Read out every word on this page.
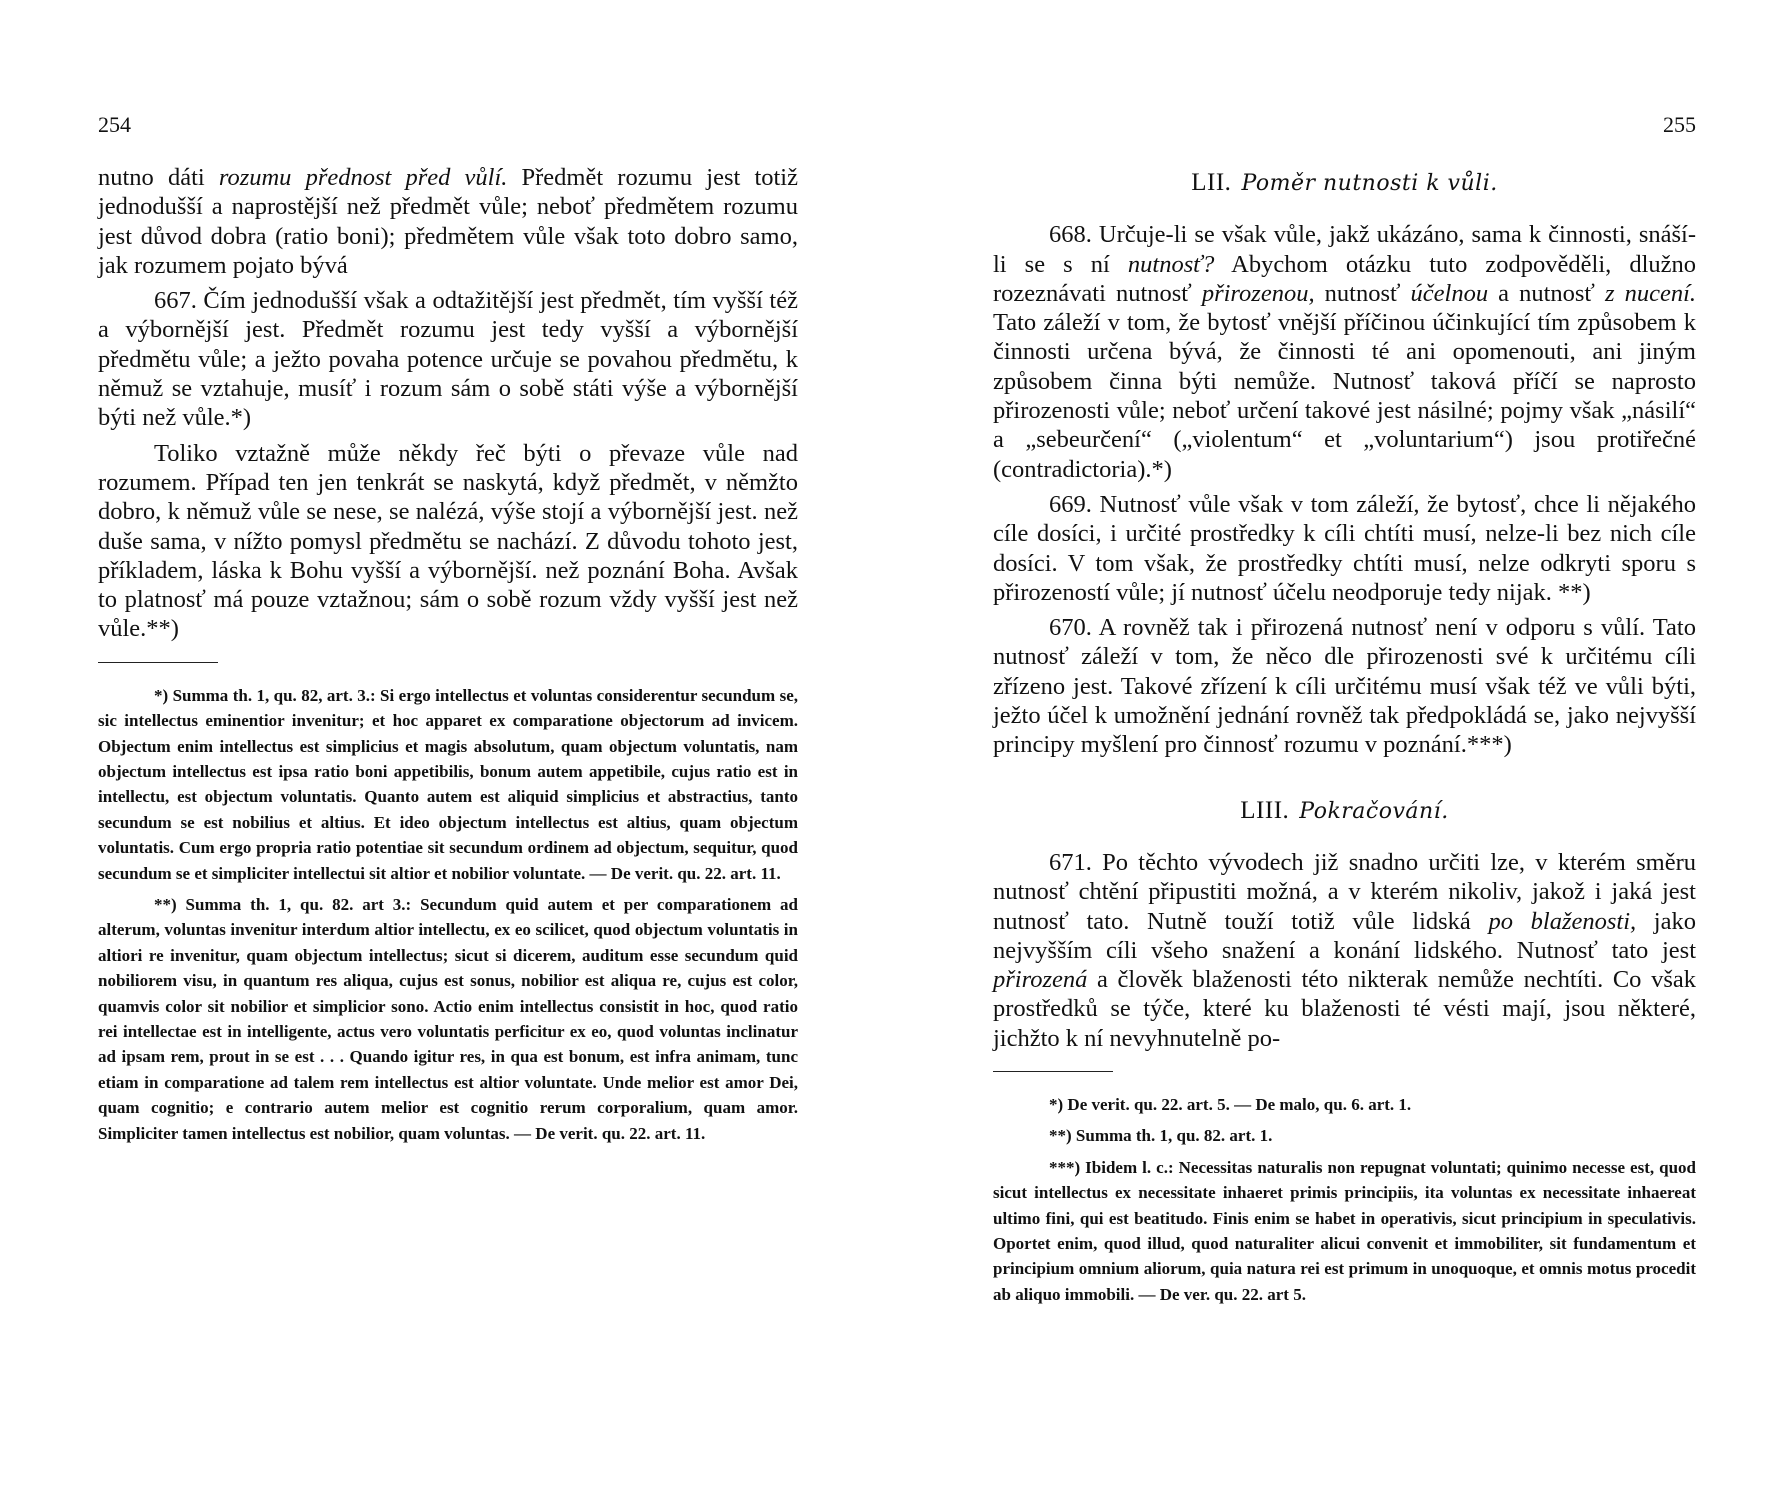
254

nutno dáti rozumu přednost před vůlí. Předmět rozumu jest totiž jednodušší a naprostější než předmět vůle; neboť předmětem rozumu jest důvod dobra (ratio boni); předmětem vůle však toto dobro samo, jak rozumem pojato bývá

667. Čím jednodušší však a odtažitější jest předmět, tím vyšší též a výbornější jest. Předmět rozumu jest tedy vyšší a výbornější předmětu vůle; a ježto povaha potence určuje se povahou předmětu, k němuž se vztahuje, musíť i rozum sám o sobě státi výše a výbornější býti než vůle.*)

Toliko vztažně může někdy řeč býti o převaze vůle nad rozumem. Případ ten jen tenkrát se naskytá, když předmět, v němžto dobro, k němuž vůle se nese, se nalézá, výše stojí a výbornější jest. než duše sama, v nížto pomysl předmětu se nachází. Z důvodu tohoto jest, příkladem, láska k Bohu vyšší a výbornější. než poznání Boha. Avšak to platnosť má pouze vztažnou; sám o sobě rozum vždy vyšší jest než vůle.**)

*) Summa th. 1, qu. 82, art. 3.: Si ergo intellectus et voluntas considerentur secundum se, sic intellectus eminentior invenitur; et hoc apparet ex comparatione objectorum ad invicem. Objectum enim intellectus est simplicius et magis absolutum, quam objectum voluntatis, nam objectum intellectus est ipsa ratio boni appetibilis, bonum autem appetibile, cujus ratio est in intellectu, est objectum voluntatis. Quanto autem est aliquid simplicius et abstractius, tanto secundum se est nobilius et altius. Et ideo objectum intellectus est altius, quam objectum voluntatis. Cum ergo propria ratio potentiae sit secundum ordinem ad objectum, sequitur, quod secundum se et simpliciter intellectui sit altior et nobilior voluntate. — De verit. qu. 22. art. 11.

**) Summa th. 1, qu. 82. art 3.: Secundum quid autem et per comparationem ad alterum, voluntas invenitur interdum altior intellectu, ex eo scilicet, quod objectum voluntatis in altiori re invenitur, quam objectum intellectus; sicut si dicerem, auditum esse secundum quid nobiliorem visu, in quantum res aliqua, cujus est sonus, nobilior est aliqua re, cujus est color, quamvis color sit nobilior et simplicior sono. Actio enim intellectus consistit in hoc, quod ratio rei intellectae est in intelligente, actus vero voluntatis perficitur ex eo, quod voluntas inclinatur ad ipsam rem, prout in se est . . . Quando igitur res, in qua est bonum, est infra animam, tunc etiam in comparatione ad talem rem intellectus est altior voluntate. Unde melior est amor Dei, quam cognitio; e contrario autem melior est cognitio rerum corporalium, quam amor. Simpliciter tamen intellectus est nobilior, quam voluntas. — De verit. qu. 22. art. 11.

255
LII. Poměr nutnosti k vůli.

668. Určuje-li se však vůle, jakž ukázáno, sama k činnosti, snáší-li se s ní nutnosť? Abychom otázku tuto zodpověděli, dlužno rozeznávati nutnosť přirozenou, nutnosť účelnou a nutnosť z nucení. Tato záleží v tom, že bytosť vnější příčinou účinkující tím způsobem k činnosti určena bývá, že činnosti té ani opomenouti, ani jiným způsobem činna býti nemůže. Nutnosť taková příčí se naprosto přirozenosti vůle; neboť určení takové jest násilné; pojmy však „násilí“ a „sebeurčení“ („violentum“ et „voluntarium“) jsou protiřečné (contradictoria).*)

669. Nutnosť vůle však v tom záleží, že bytosť, chce li nějakého cíle dosíci, i určité prostředky k cíli chtíti musí, nelze-li bez nich cíle dosíci. V tom však, že prostředky chtíti musí, nelze odkryti sporu s přirozeností vůle; jí nutnosť účelu neodporuje tedy nijak. **)

670. A rovněž tak i přirozená nutnosť není v odporu s vůlí. Tato nutnosť záleží v tom, že něco dle přirozenosti své k určitému cíli zřízeno jest. Takové zřízení k cíli určitému musí však též ve vůli býti, ježto účel k umožnění jednání rovněž tak předpokládá se, jako nejvyšší principy myšlení pro činnosť rozumu v poznání.***)

LIII. Pokračování.

671. Po těchto vývodech již snadno určiti lze, v kterém směru nutnosť chtění připustiti možná, a v kterém nikoliv, jakož i jaká jest nutnosť tato. Nutně touží totiž vůle lidská po blaženosti, jako nejvyšším cíli všeho snažení a konání lidského. Nutnosť tato jest přirozená a člověk blaženosti této nikterak nemůže nechtíti. Co však prostředků se týče, které ku blaženosti té vésti mají, jsou některé, jichžto k ní nevyhnutelně po-

*) De verit. qu. 22. art. 5. — De malo, qu. 6. art. 1.

**) Summa th. 1, qu. 82. art. 1.

***) Ibidem l. c.: Necessitas naturalis non repugnat voluntati; quinimo necesse est, quod sicut intellectus ex necessitate inhaeret primis principiis, ita voluntas ex necessitate inhaereat ultimo fini, qui est beatitudo. Finis enim se habet in operativis, sicut principium in speculativis. Oportet enim, quod illud, quod naturaliter alicui convenit et immobiliter, sit fundamentum et principium omnium aliorum, quia natura rei est primum in unoquoque, et omnis motus procedit ab aliquo immobili. — De ver. qu. 22. art 5.
